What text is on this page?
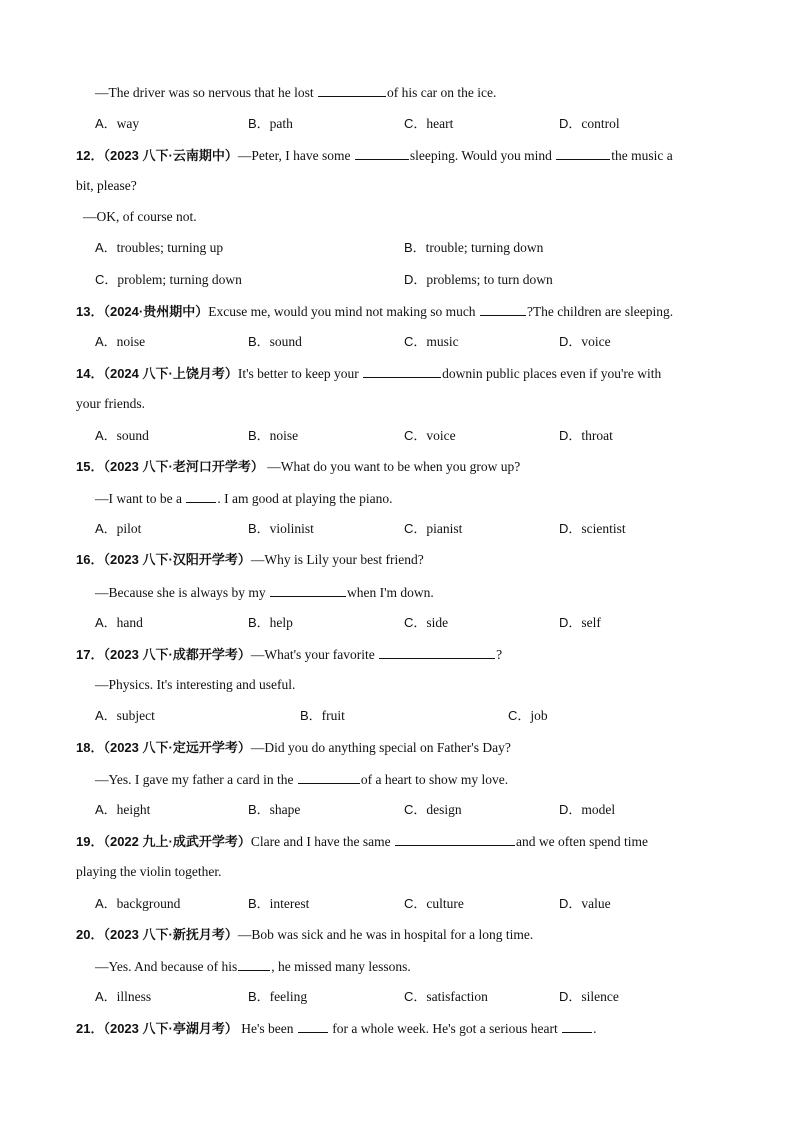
—The driver was so nervous that he lost	of his car on the ice.
A．way	B．path	C．heart	D．control
12．（2023 八下·云南期中）—Peter, I have some	sleeping. Would you mind	the music a
bit, please?
—OK, of course not.
A．troubles; turning up	B．trouble; turning down
C．problem; turning down	D．problems; to turn down
13．（2024·贵州期中）Excuse me, would you mind not making so much	?The children are sleeping.
A．noise	B．sound	C．music	D．voice
14．（2024 八下·上饶月考）It's better to keep your	downin public places even if you're with
your friends.
A．sound	B．noise	C．voice	D．throat
15．（2023 八下·老河口开学考） —What do you want to be when you grow up?
—I want to be a . I am good at playing the piano.
A．pilot	B．violinist	C．pianist	D．scientist
16．（2023 八下·汉阳开学考）—Why is Lily your best friend?
—Because she is always by my	when I'm down.
A．hand	B．help	C．side	D．self
17．（2023 八下·成都开学考）—What's your favorite	?
—Physics. It's interesting and useful.
A．subject	B．fruit	C．job
18．（2023 八下·定远开学考）—Did you do anything special on Father's Day?
—Yes. I gave my father a card in the	of a heart to show my love.
A．height	B．shape	C．design	D．model
19．（2022 九上·成武开学考）Clare and I have the same	and we often spend time
playing the violin together.
A．background	B．interest	C．culture	D．value
20．（2023 八下·新抚月考）—Bob was sick and he was in hospital for a long time.
—Yes. And because of his	, he missed many lessons.
A．illness	B．feeling	C．satisfaction	D．silence
21．（2023 八下·亭湖月考） He's been  for a whole week. He's got a serious heart .
